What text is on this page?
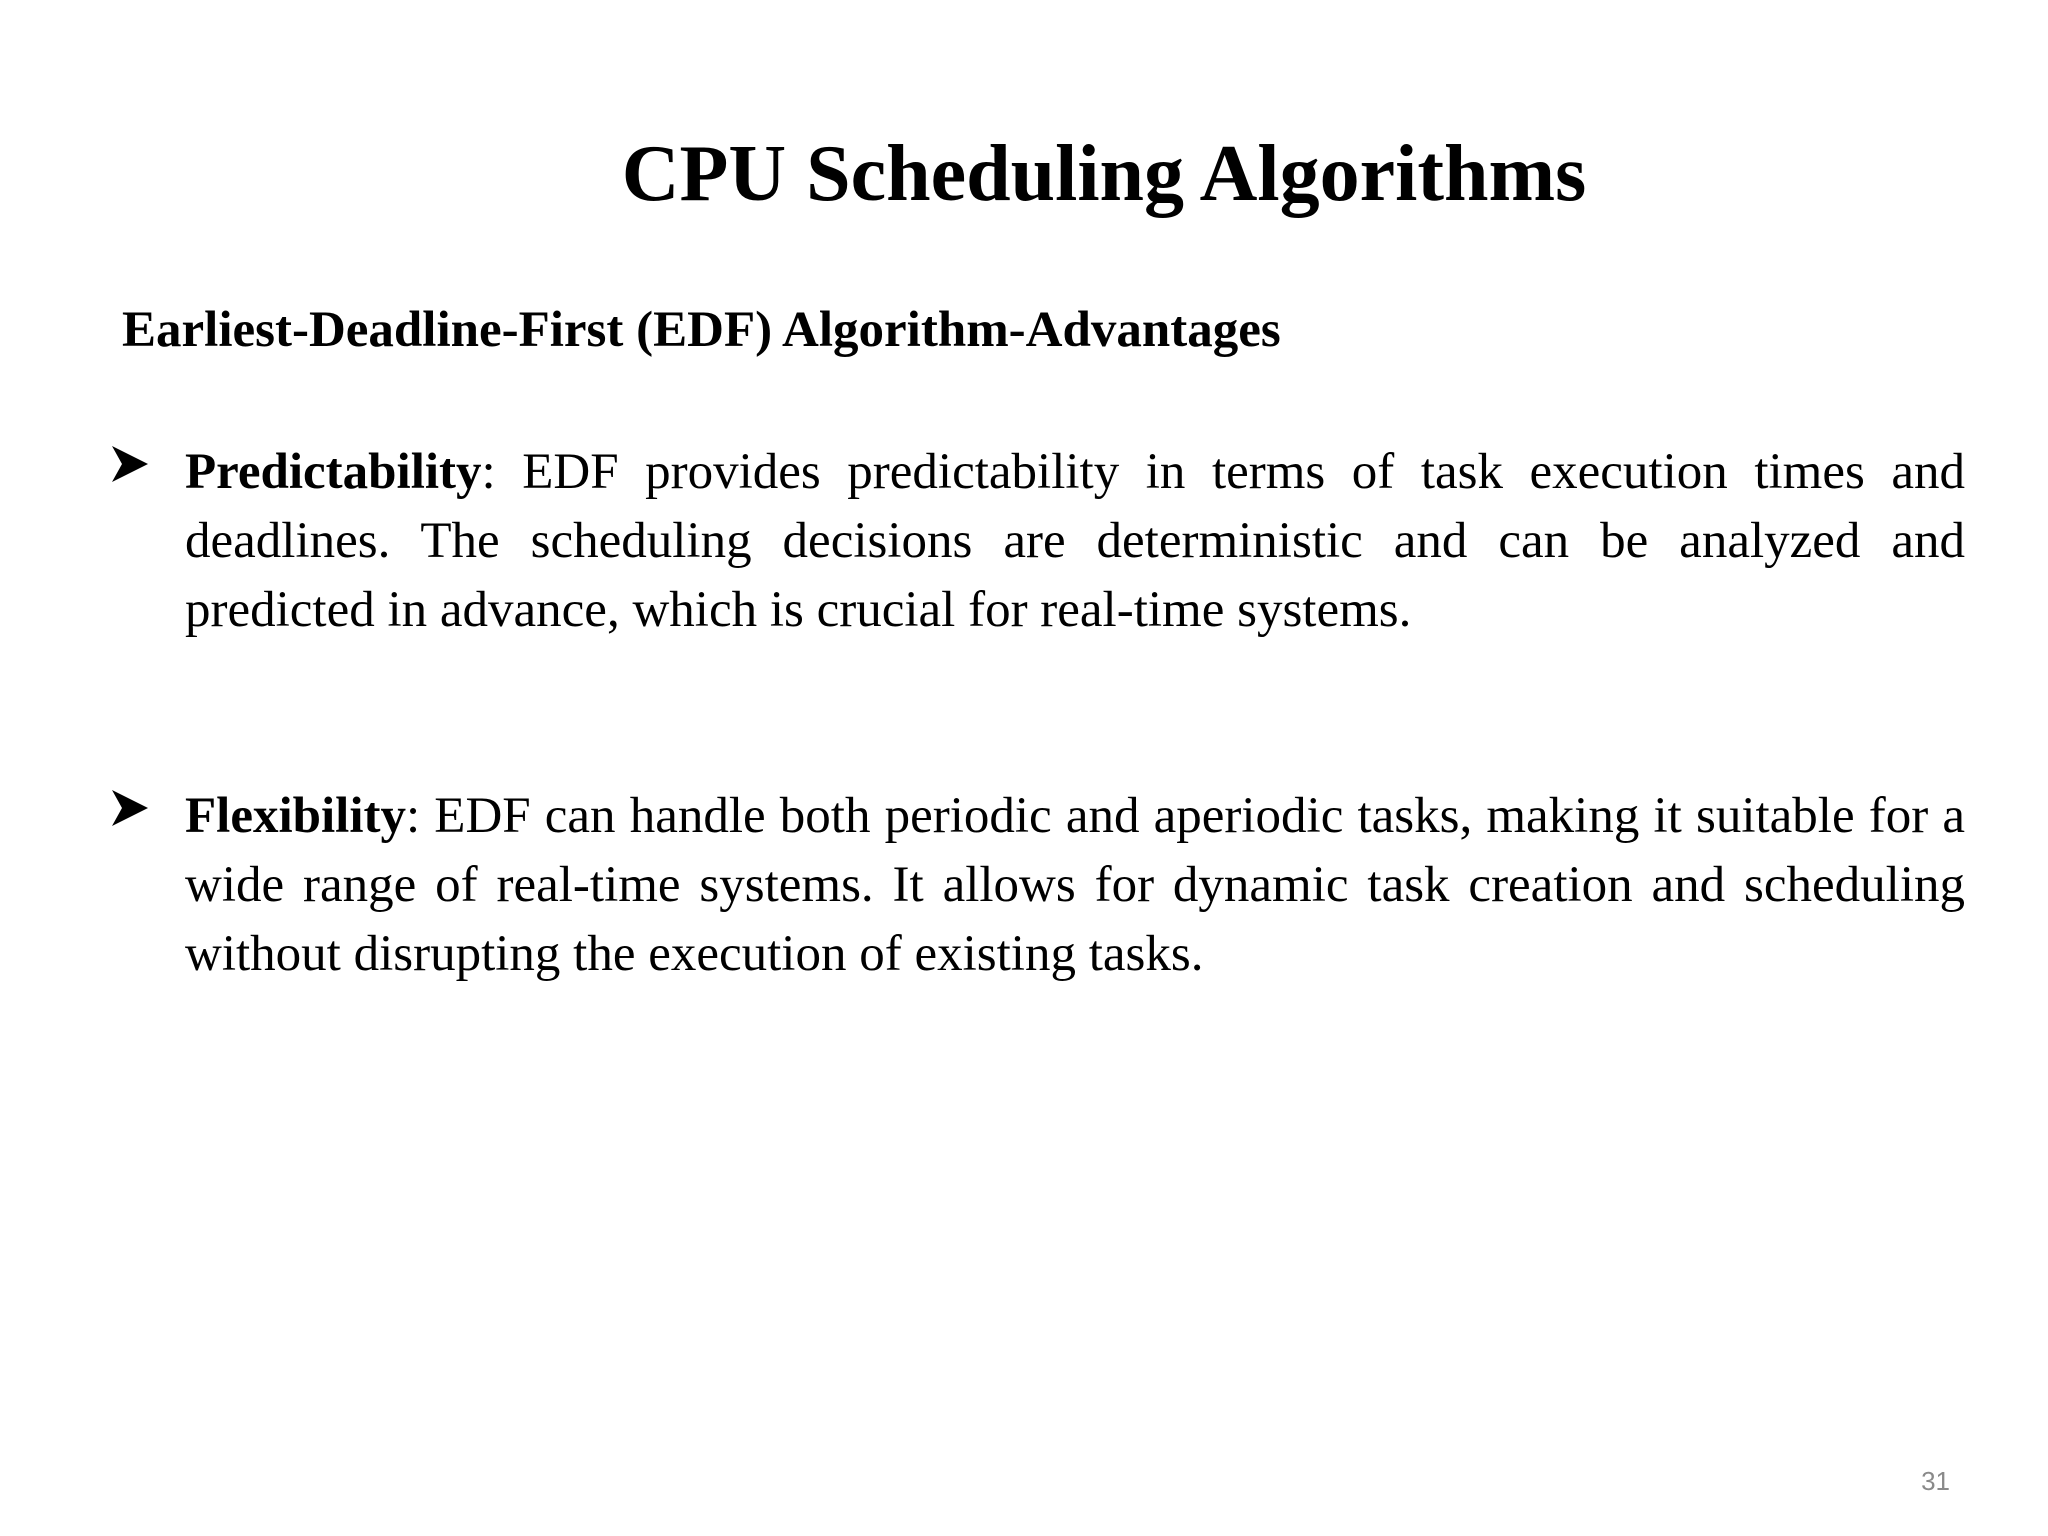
CPU Scheduling Algorithms
Earliest-Deadline-First (EDF) Algorithm-Advantages
Predictability: EDF provides predictability in terms of task execution times and deadlines. The scheduling decisions are deterministic and can be analyzed and predicted in advance, which is crucial for real-time systems.
Flexibility: EDF can handle both periodic and aperiodic tasks, making it suitable for a wide range of real-time systems. It allows for dynamic task creation and scheduling without disrupting the execution of existing tasks.
31
